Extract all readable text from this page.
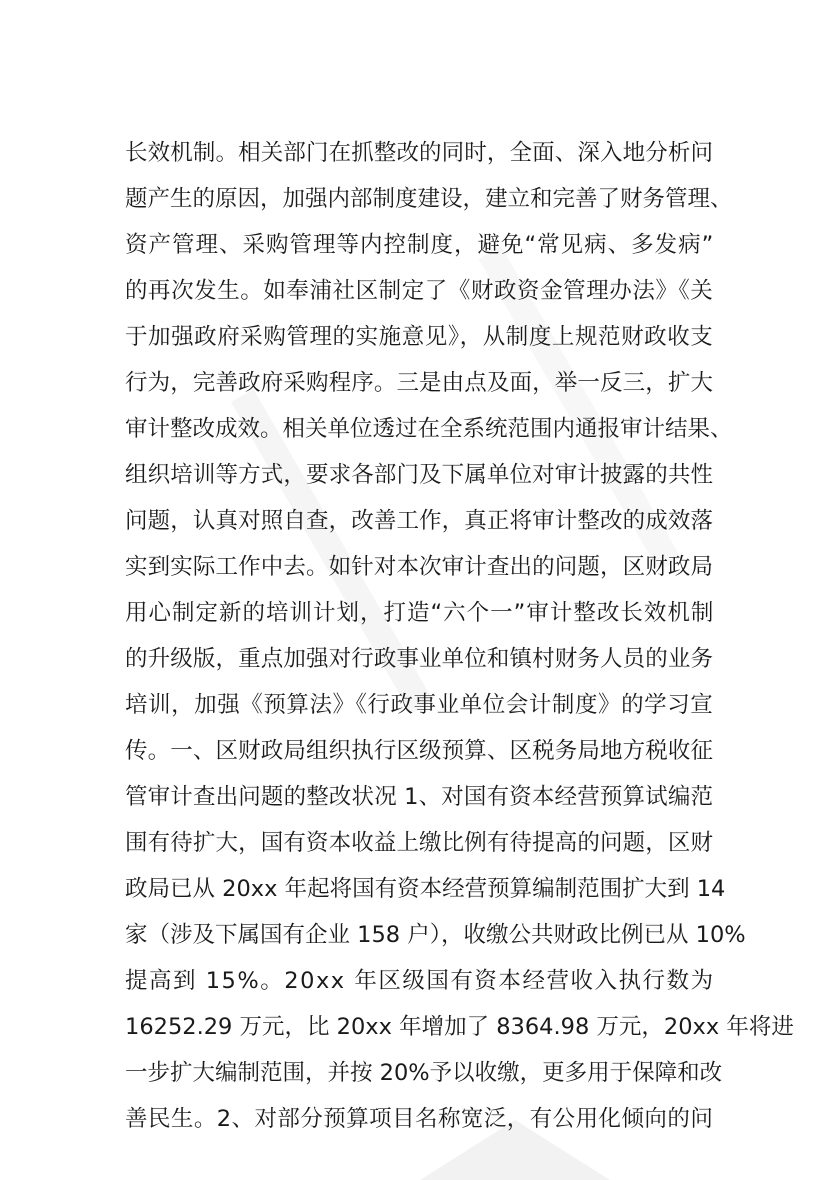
长效机制。相关部门在抓整改的同时，全面、深入地分析问
题产生的原因，加强内部制度建设，建立和完善了财务管理、
资产管理、采购管理等内控制度，避免“常见病、多发病”
的再次发生。如奉浦社区制定了《财政资金管理办法》《关
于加强政府采购管理的实施意见》，从制度上规范财政收支
行为，完善政府采购程序。三是由点及面，举一反三，扩大
审计整改成效。相关单位透过在全系统范围内通报审计结果、
组织培训等方式，要求各部门及下属单位对审计披露的共性
问题，认真对照自查，改善工作，真正将审计整改的成效落
实到实际工作中去。如针对本次审计查出的问题，区财政局
用心制定新的培训计划，打造“六个一”审计整改长效机制
的升级版，重点加强对行政事业单位和镇村财务人员的业务
培训，加强《预算法》《行政事业单位会计制度》的学习宣
传。一、区财政局组织执行区级预算、区税务局地方税收征
管审计查出问题的整改状况 1、对国有资本经营预算试编范
围有待扩大，国有资本收益上缴比例有待提高的问题，区财
政局已从 20xx 年起将国有资本经营预算编制范围扩大到 14
家（涉及下属国有企业 158 户），收缴公共财政比例已从 10%
提高到 15%。20xx 年区级国有资本经营收入执行数为
16252.29 万元，比 20xx 年增加了 8364.98 万元，20xx 年将进
一步扩大编制范围，并按 20%予以收缴，更多用于保障和改
善民生。2、对部分预算项目名称宽泛，有公用化倾向的问
